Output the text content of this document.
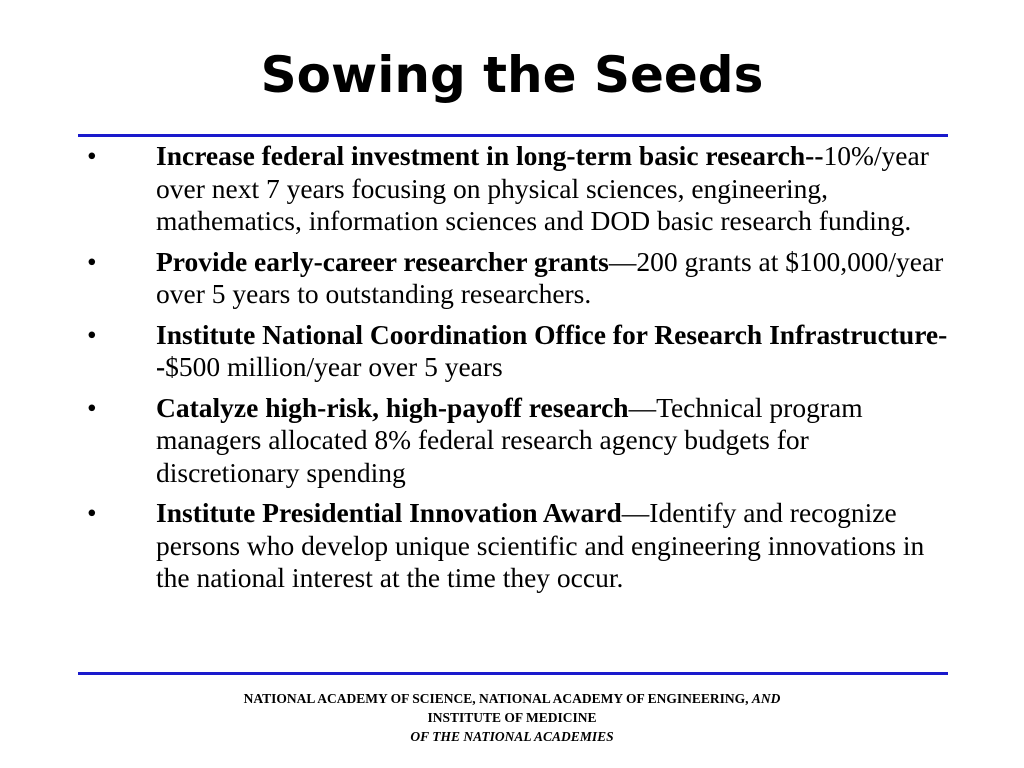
Sowing the Seeds
• Increase federal investment in long-term basic research--10%/year over next 7 years focusing on physical sciences, engineering, mathematics, information sciences and DOD basic research funding.
• Provide early-career researcher grants—200 grants at $100,000/year over 5 years to outstanding researchers.
• Institute National Coordination Office for Research Infrastructure--$500 million/year over 5 years
• Catalyze high-risk, high-payoff research—Technical program managers allocated 8% federal research agency budgets for discretionary spending
• Institute Presidential Innovation Award—Identify and recognize persons who develop unique scientific and engineering innovations in the national interest at the time they occur.
NATIONAL ACADEMY OF SCIENCE, NATIONAL ACADEMY OF ENGINEERING, AND
INSTITUTE OF MEDICINE
OF THE NATIONAL ACADEMIES
